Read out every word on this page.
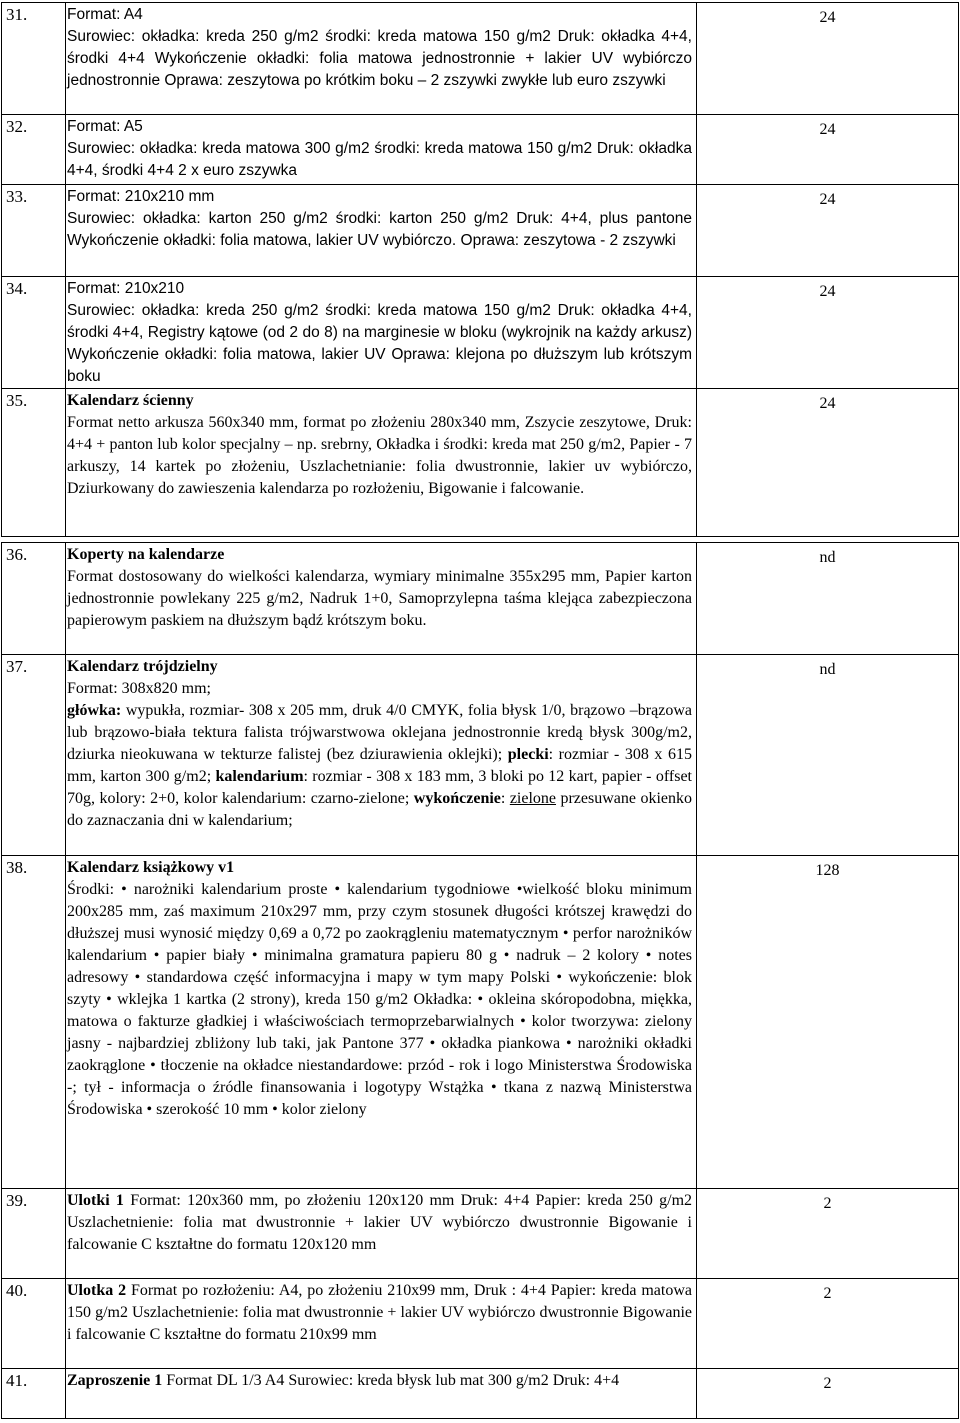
31.	Format: A4
Surowiec: okładka: kreda 250 g/m2 środki: kreda matowa 150 g/m2 Druk: okładka 4+4, środki 4+4 Wykończenie okładki: folia matowa jednostronnie + lakier UV wybiórczo jednostronnie Oprawa: zeszytowa po krótkim boku – 2 zszywki zwykłe lub euro zszywki	24
32.	Format: A5
Surowiec: okładka: kreda matowa 300 g/m2 środki: kreda matowa 150 g/m2 Druk: okładka 4+4, środki 4+4 2 x euro zszywka	24
33.	Format: 210x210 mm
Surowiec: okładka: karton 250 g/m2 środki: karton 250 g/m2 Druk: 4+4, plus pantone Wykończenie okładki: folia matowa, lakier UV wybiórczo. Oprawa: zeszytowa - 2 zszywki	24
34.	Format: 210x210
Surowiec: okładka: kreda 250 g/m2 środki: kreda matowa 150 g/m2 Druk: okładka 4+4, środki 4+4, Registry kątowe (od 2 do 8) na marginesie w bloku (wykrojnik na każdy arkusz) Wykończenie okładki: folia matowa, lakier UV Oprawa: klejona po dłuższym lub krótszym boku	24
35.	Kalendarz ścienny
Format netto arkusza 560x340 mm, format po złożeniu 280x340 mm, Zszycie zeszytowe, Druk: 4+4 + panton lub kolor specjalny – np. srebrny, Okładka i środki: kreda mat 250 g/m2, Papier - 7 arkuszy, 14 kartek po złożeniu, Uszlachetnianie: folia dwustronnie, lakier uv wybiórczo, Dziurkowany do zawieszenia kalendarza po rozłożeniu, Bigowanie i falcowanie.	24
36.	Koperty na kalendarze
Format dostosowany do wielkości kalendarza, wymiary minimalne 355x295 mm, Papier karton jednostronnie powlekany 225 g/m2, Nadruk 1+0, Samoprzylepna taśma klejąca zabezpieczona papierowym paskiem na dłuższym bądź krótszym boku.	nd
37.	Kalendarz trójdzielny
Format: 308x820 mm;
główka: wypukła, rozmiar- 308 x 205 mm, druk 4/0 CMYK, folia błysk 1/0, brązowo –brązowa lub brązowo-biała tektura falista trójwarstwowa oklejana jednostronnie kredą błysk 300g/m2, dziurka nieokuwana w tekturze falistej (bez dziurawienia oklejki); plecki: rozmiar - 308 x 615 mm, karton 300 g/m2; kalendarium: rozmiar - 308 x 183 mm, 3 bloki po 12 kart, papier - offset 70g, kolory: 2+0, kolor kalendarium: czarno-zielone; wykończenie: zielone przesuwane okienko do zaznaczania dni w kalendarium;	nd
38.	Kalendarz książkowy v1
Środki: • narożniki kalendarium proste • kalendarium tygodniowe •wielkość bloku minimum 200x285 mm, zaś maximum 210x297 mm, przy czym stosunek długości krótszej krawędzi do dłuższej musi wynosić między 0,69 a 0,72 po zaokrągleniu matematycznym • perfor narożników kalendarium • papier biały • minimalna gramatura papieru 80 g • nadruk – 2 kolory • notes adresowy • standardowa część informacyjna i mapy w tym mapy Polski • wykończenie: blok szyty • wklejka 1 kartka (2 strony), kreda 150 g/m2 Okładka: • okleina skóropodobna, miękka, matowa o fakturze gładkiej i właściwościach termoprzebarwialnych • kolor tworzywa: zielony jasny - najbardziej zbliżony lub taki, jak Pantone 377 • okładka piankowa • narożniki okładki zaokrąglone • tłoczenie na okładce niestandardowe: przód - rok i logo Ministerstwa Środowiska -; tył - informacja o źródle finansowania i logotypy Wstążka • tkana z nazwą Ministerstwa Środowiska • szerokość 10 mm • kolor zielony	128
39.	Ulotki 1 Format: 120x360 mm, po złożeniu 120x120 mm Druk: 4+4 Papier: kreda 250 g/m2 Uszlachetnienie: folia mat dwustronnie + lakier UV wybiórczo dwustronnie Bigowanie i falcowanie C kształtne do formatu 120x120 mm	2
40.	Ulotka 2 Format po rozłożeniu: A4, po złożeniu 210x99 mm, Druk : 4+4 Papier: kreda matowa 150 g/m2 Uszlachetnienie: folia mat dwustronnie + lakier UV wybiórczo dwustronnie Bigowanie i falcowanie C kształtne do formatu 210x99 mm	2
41.	Zaproszenie 1 Format DL 1/3 A4 Surowiec: kreda błysk lub mat 300 g/m2 Druk: 4+4	2
